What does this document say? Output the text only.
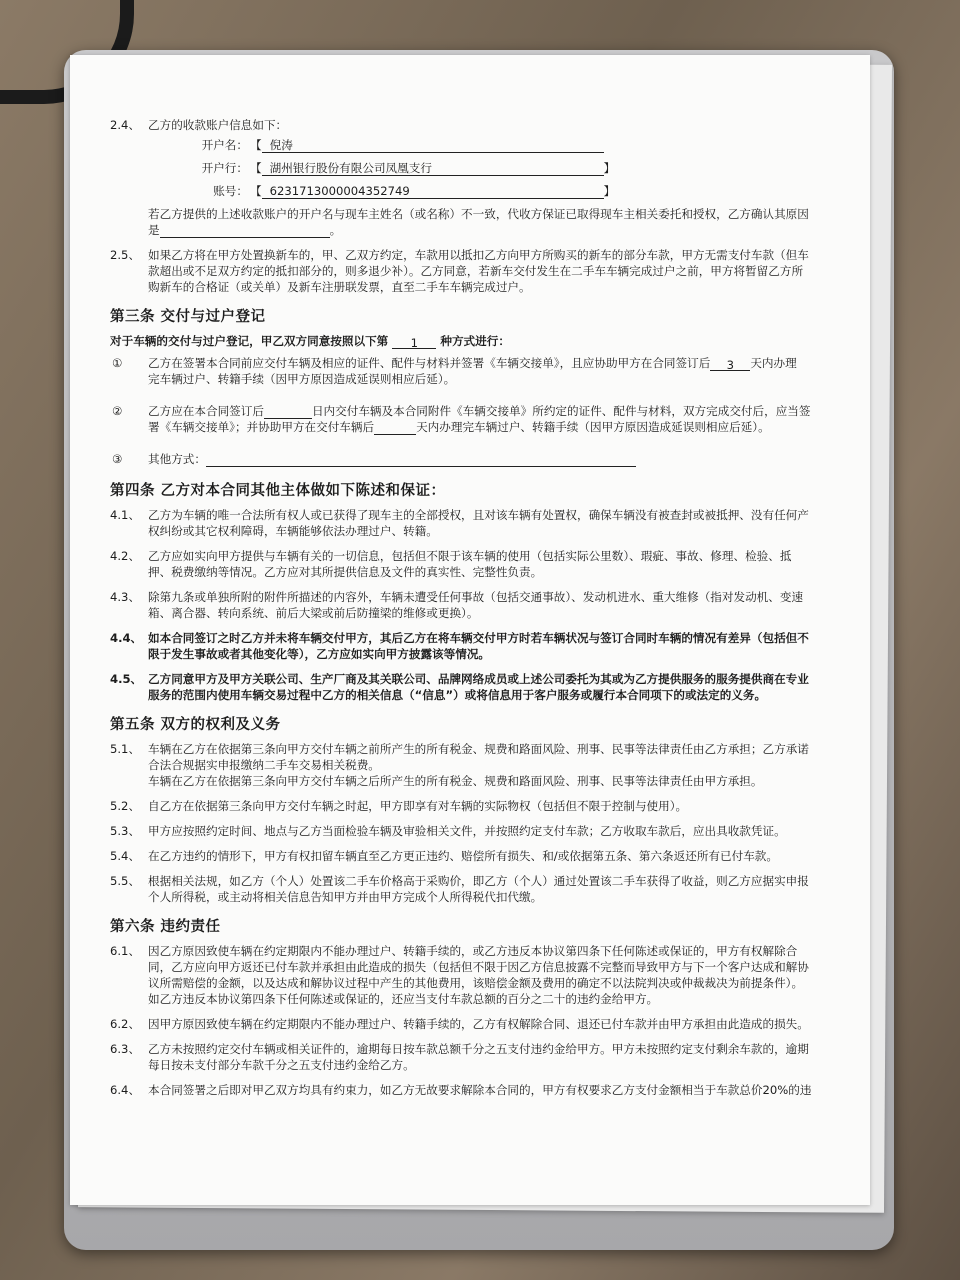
2.4、 乙方的收款账户信息如下：
开户名： 【 倪涛
开户行： 【 湖州银行股份有限公司凤凰支行	】
账号： 【 6231713000004352749	】
若乙方提供的上述收款账户的开户名与现车主姓名（或名称）不一致，代收方保证已取得现车主相关委托和授权，乙方确认其原因
是	。
2.5、 如果乙方将在甲方处置换新车的，甲、乙双方约定，车款用以抵扣乙方向甲方所购买的新车的部分车款，甲方无需支付车款（但车
款超出或不足双方约定的抵扣部分的，则多退少补）。乙方同意，若新车交付发生在二手车车辆完成过户之前，甲方将暂留乙方所
购新车的合格证（或关单）及新车注册联发票，直至二手车车辆完成过户。
第三条 交付与过户登记
对于车辆的交付与过户登记，甲乙双方同意按照以下第 1 种方式进行：
① 乙方在签署本合同前应交付车辆及相应的证件、配件与材料并签署《车辆交接单》，且应协助甲方在合同签订后 3 天内办理
完车辆过户、转籍手续（因甲方原因造成延误则相应后延）。
② 乙方应在本合同签订后	日内交付车辆及本合同附件《车辆交接单》所约定的证件、配件与材料，双方完成交付后，应当签
署《车辆交接单》；并协助甲方在交付车辆后	天内办理完车辆过户、转籍手续（因甲方原因造成延误则相应后延）。
③ 其他方式：
第四条 乙方对本合同其他主体做如下陈述和保证：
4.1、 乙方为车辆的唯一合法所有权人或已获得了现车主的全部授权，且对该车辆有处置权，确保车辆没有被查封或被抵押、没有任何产
权纠纷或其它权利障碍，车辆能够依法办理过户、转籍。
4.2、 乙方应如实向甲方提供与车辆有关的一切信息，包括但不限于该车辆的使用（包括实际公里数）、瑕疵、事故、修理、检验、抵
押、税费缴纳等情况。乙方应对其所提供信息及文件的真实性、完整性负责。
4.3、 除第九条或单独所附的附件所描述的内容外，车辆未遭受任何事故（包括交通事故）、发动机进水、重大维修（指对发动机、变速
箱、离合器、转向系统、前后大梁或前后防撞梁的维修或更换）。
4.4、 如本合同签订之时乙方并未将车辆交付甲方，其后乙方在将车辆交付甲方时若车辆状况与签订合同时车辆的情况有差异（包括但不
限于发生事故或者其他变化等），乙方应如实向甲方披露该等情况。
4.5、 乙方同意甲方及甲方关联公司、生产厂商及其关联公司、品牌网络成员或上述公司委托为其或为乙方提供服务的服务提供商在专业
服务的范围内使用车辆交易过程中乙方的相关信息（“信息”）或将信息用于客户服务或履行本合同项下的或法定的义务。
第五条 双方的权利及义务
5.1、 车辆在乙方在依据第三条向甲方交付车辆之前所产生的所有税金、规费和路面风险、刑事、民事等法律责任由乙方承担；乙方承诺
合法合规据实申报缴纳二手车交易相关税费。
车辆在乙方在依据第三条向甲方交付车辆之后所产生的所有税金、规费和路面风险、刑事、民事等法律责任由甲方承担。
5.2、 自乙方在依据第三条向甲方交付车辆之时起，甲方即享有对车辆的实际物权（包括但不限于控制与使用）。
5.3、 甲方应按照约定时间、地点与乙方当面检验车辆及审验相关文件，并按照约定支付车款；乙方收取车款后，应出具收款凭证。
5.4、 在乙方违约的情形下，甲方有权扣留车辆直至乙方更正违约、赔偿所有损失、和/或依据第五条、第六条返还所有已付车款。
5.5、 根据相关法规，如乙方（个人）处置该二手车价格高于采购价，即乙方（个人）通过处置该二手车获得了收益，则乙方应据实申报
个人所得税，或主动将相关信息告知甲方并由甲方完成个人所得税代扣代缴。
第六条 违约责任
6.1、 因乙方原因致使车辆在约定期限内不能办理过户、转籍手续的，或乙方违反本协议第四条下任何陈述或保证的，甲方有权解除合
同，乙方应向甲方返还已付车款并承担由此造成的损失（包括但不限于因乙方信息披露不完整而导致甲方与下一个客户达成和解协
议所需赔偿的金额，以及达成和解协议过程中产生的其他费用，该赔偿金额及费用的确定不以法院判决或仲裁裁决为前提条件）。
如乙方违反本协议第四条下任何陈述或保证的，还应当支付车款总额的百分之二十的违约金给甲方。
6.2、 因甲方原因致使车辆在约定期限内不能办理过户、转籍手续的，乙方有权解除合同、退还已付车款并由甲方承担由此造成的损失。
6.3、 乙方未按照约定交付车辆或相关证件的，逾期每日按车款总额千分之五支付违约金给甲方。甲方未按照约定支付剩余车款的，逾期
每日按未支付部分车款千分之五支付违约金给乙方。
6.4、 本合同签署之后即对甲乙双方均具有约束力，如乙方无故要求解除本合同的，甲方有权要求乙方支付金额相当于车款总价20%的违
